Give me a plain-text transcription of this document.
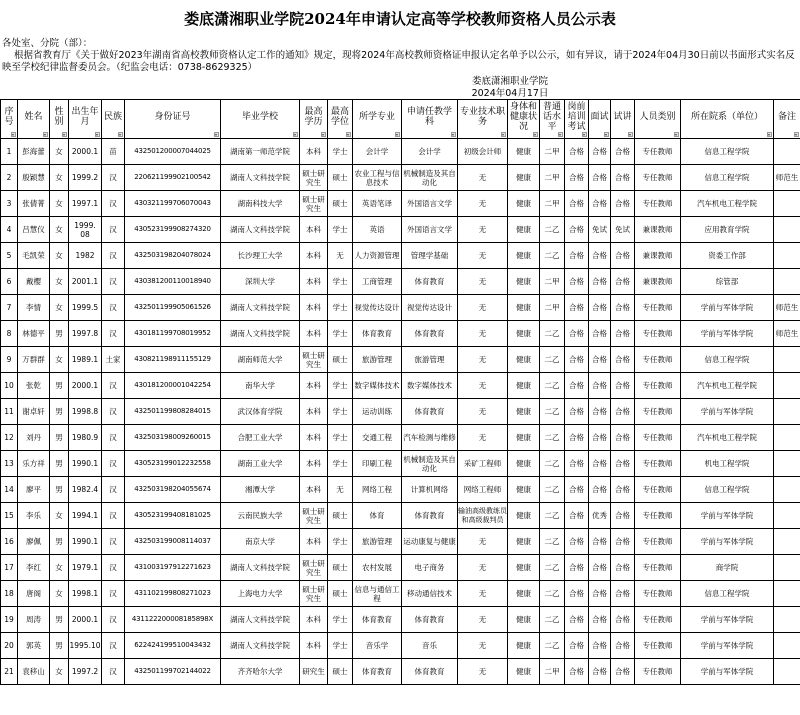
娄底潇湘职业学院2024年申请认定高等学校教师资格人员公示表
各处室、分院（部）：
根据省教育厅《关于做好2023年湖南省高校教师资格认定工作的通知》规定，现将2024年高校教师资格证申报认定名单予以公示，如有异议，请于2024年04月30日前以书面形式实名反映至学校纪律监督委员会。（纪监会电话：0738-8629325）
娄底潇湘职业学院
2024年04月17日
序号	姓名	性别	出生年月	民族	身份证号	毕业学校	最高学历	最高学位	所学专业	申请任教学科	专业技术职务	身体和健康状况	普通话水平	岗前培训考试	面试	试讲	人员类别	所在院系（单位）	备注

1	彭海蕾	女	2000.1	苗	432501200007044025	湖南第一师范学院	本科	学士	会计学	会计学	初级会计师	健康	二甲	合格	合格	合格	专任教师	信息工程学院	
2	殷颖慧	女	1999.2	汉	220621199902100542	湖南人文科技学院	硕士研究生	硕士	农业工程与信息技术	机械制造及其自动化	无	健康	二甲	合格	合格	合格	专任教师	信息工程学院	师范生
3	张倩菁	女	1997.1	汉	430321199706070043	湖南科技大学	硕士研究生	硕士	英语笔译	外国语言文学	无	健康	二甲	合格	合格	合格	专任教师	汽车机电工程学院	
4	吕慧仪	女	1999. 08	汉	430523199908274320	湖南人文科技学院	本科	学士	英语	外国语言文学	无	健康	二乙	合格	免试	免试	兼课教师	应用教育学院	
5	毛凯荣	女	1982	汉	432503198204078024	长沙理工大学	本科	无	人力资源管理	管理学基础	无	健康	二乙	合格	合格	合格	兼课教师	资委工作部	
6	戴樱	女	2001.1	汉	430381200110018940	深圳大学	本科	学士	工商管理	体育教育	无	健康	二甲	合格	合格	合格	兼课教师	综管部	
7	李情	女	1999.5	汉	432501199905061526	湖南人文科技学院	本科	学士	视觉传达设计	视觉传达设计	无	健康	二甲	合格	合格	合格	专任教师	学前与军体学院	师范生
8	林德平	男	1997.8	汉	430181199708019952	湖南人文科技学院	本科	学士	体育教育	体育教育	无	健康	二乙	合格	合格	合格	专任教师	学前与军体学院	师范生
9	万群群	女	1989.1	土家	430821198911155129	湖南师范大学	硕士研究生	硕士	旅游管理	旅游管理	无	健康	二乙	合格	合格	合格	专任教师	信息工程学院	
10	张乾	男	2000.1	汉	430181200001042254	南华大学	本科	学士	数字媒体技术	数字媒体技术	无	健康	二乙	合格	合格	合格	专任教师	汽车机电工程学院	
11	谢卓轩	男	1998.8	汉	432501199808284015	武汉体育学院	本科	学士	运动训练	体育教育	无	健康	二乙	合格	合格	合格	专任教师	学前与军体学院	
12	刘丹	男	1980.9	汉	432503198009260015	合肥工业大学	本科	学士	交通工程	汽车检测与维修	无	健康	二乙	合格	合格	合格	专任教师	汽车机电工程学院	
13	乐方祥	男	1990.1	汉	430523199012232558	湖南工业大学	本科	学士	印刷工程	机械制造及其自动化	采矿工程师	健康	二乙	合格	合格	合格	专任教师	机电工程学院	
14	廖平	男	1982.4	汉	432503198204055674	湘潭大学	本科	无	网络工程	计算机网络	网络工程师	健康	二乙	合格	合格	合格	专任教师	信息工程学院	
15	李乐	女	1994.1	汉	430523199408181025	云南民族大学	硕士研究生	硕士	体育	体育教育	输油高级教练员和高级裁判员	健康	二乙	合格	优秀	合格	专任教师	学前与军体学院	
16	廖佩	男	1990.1	汉	432503199008114037	南京大学	本科	学士	旅游管理	运动康复与健康	无	健康	二乙	合格	合格	合格	专任教师	学前与军体学院	
17	李红	女	1979.1	汉	431003197912271623	湖南人文科技学院	硕士研究生	硕士	农村发展	电子商务	无	健康	二乙	合格	合格	合格	专任教师	商学院	
18	唐阁	女	1998.1	汉	431102199808271023	上海电力大学	硕士研究生	硕士	信息与通信工程	移动通信技术	无	健康	二乙	合格	合格	合格	专任教师	信息工程学院	
19	周涛	男	2000.1	汉	431122200008185898X	湖南人文科技学院	本科	学士	体育教育	体育教育	无	健康	二乙	合格	合格	合格	专任教师	学前与军体学院	
20	郭英	男	1995.10	汉	622424199510043432	湖南人文科技学院	本科	学士	音乐学	音乐	无	健康	二乙	合格	合格	合格	专任教师	学前与军体学院	
21	袁移山	女	1997.2	汉	432501199702144022	齐齐哈尔大学	研究生	硕士	体育教育	体育教育	无	健康	二甲	合格	合格	合格	专任教师	学前与军体学院	
